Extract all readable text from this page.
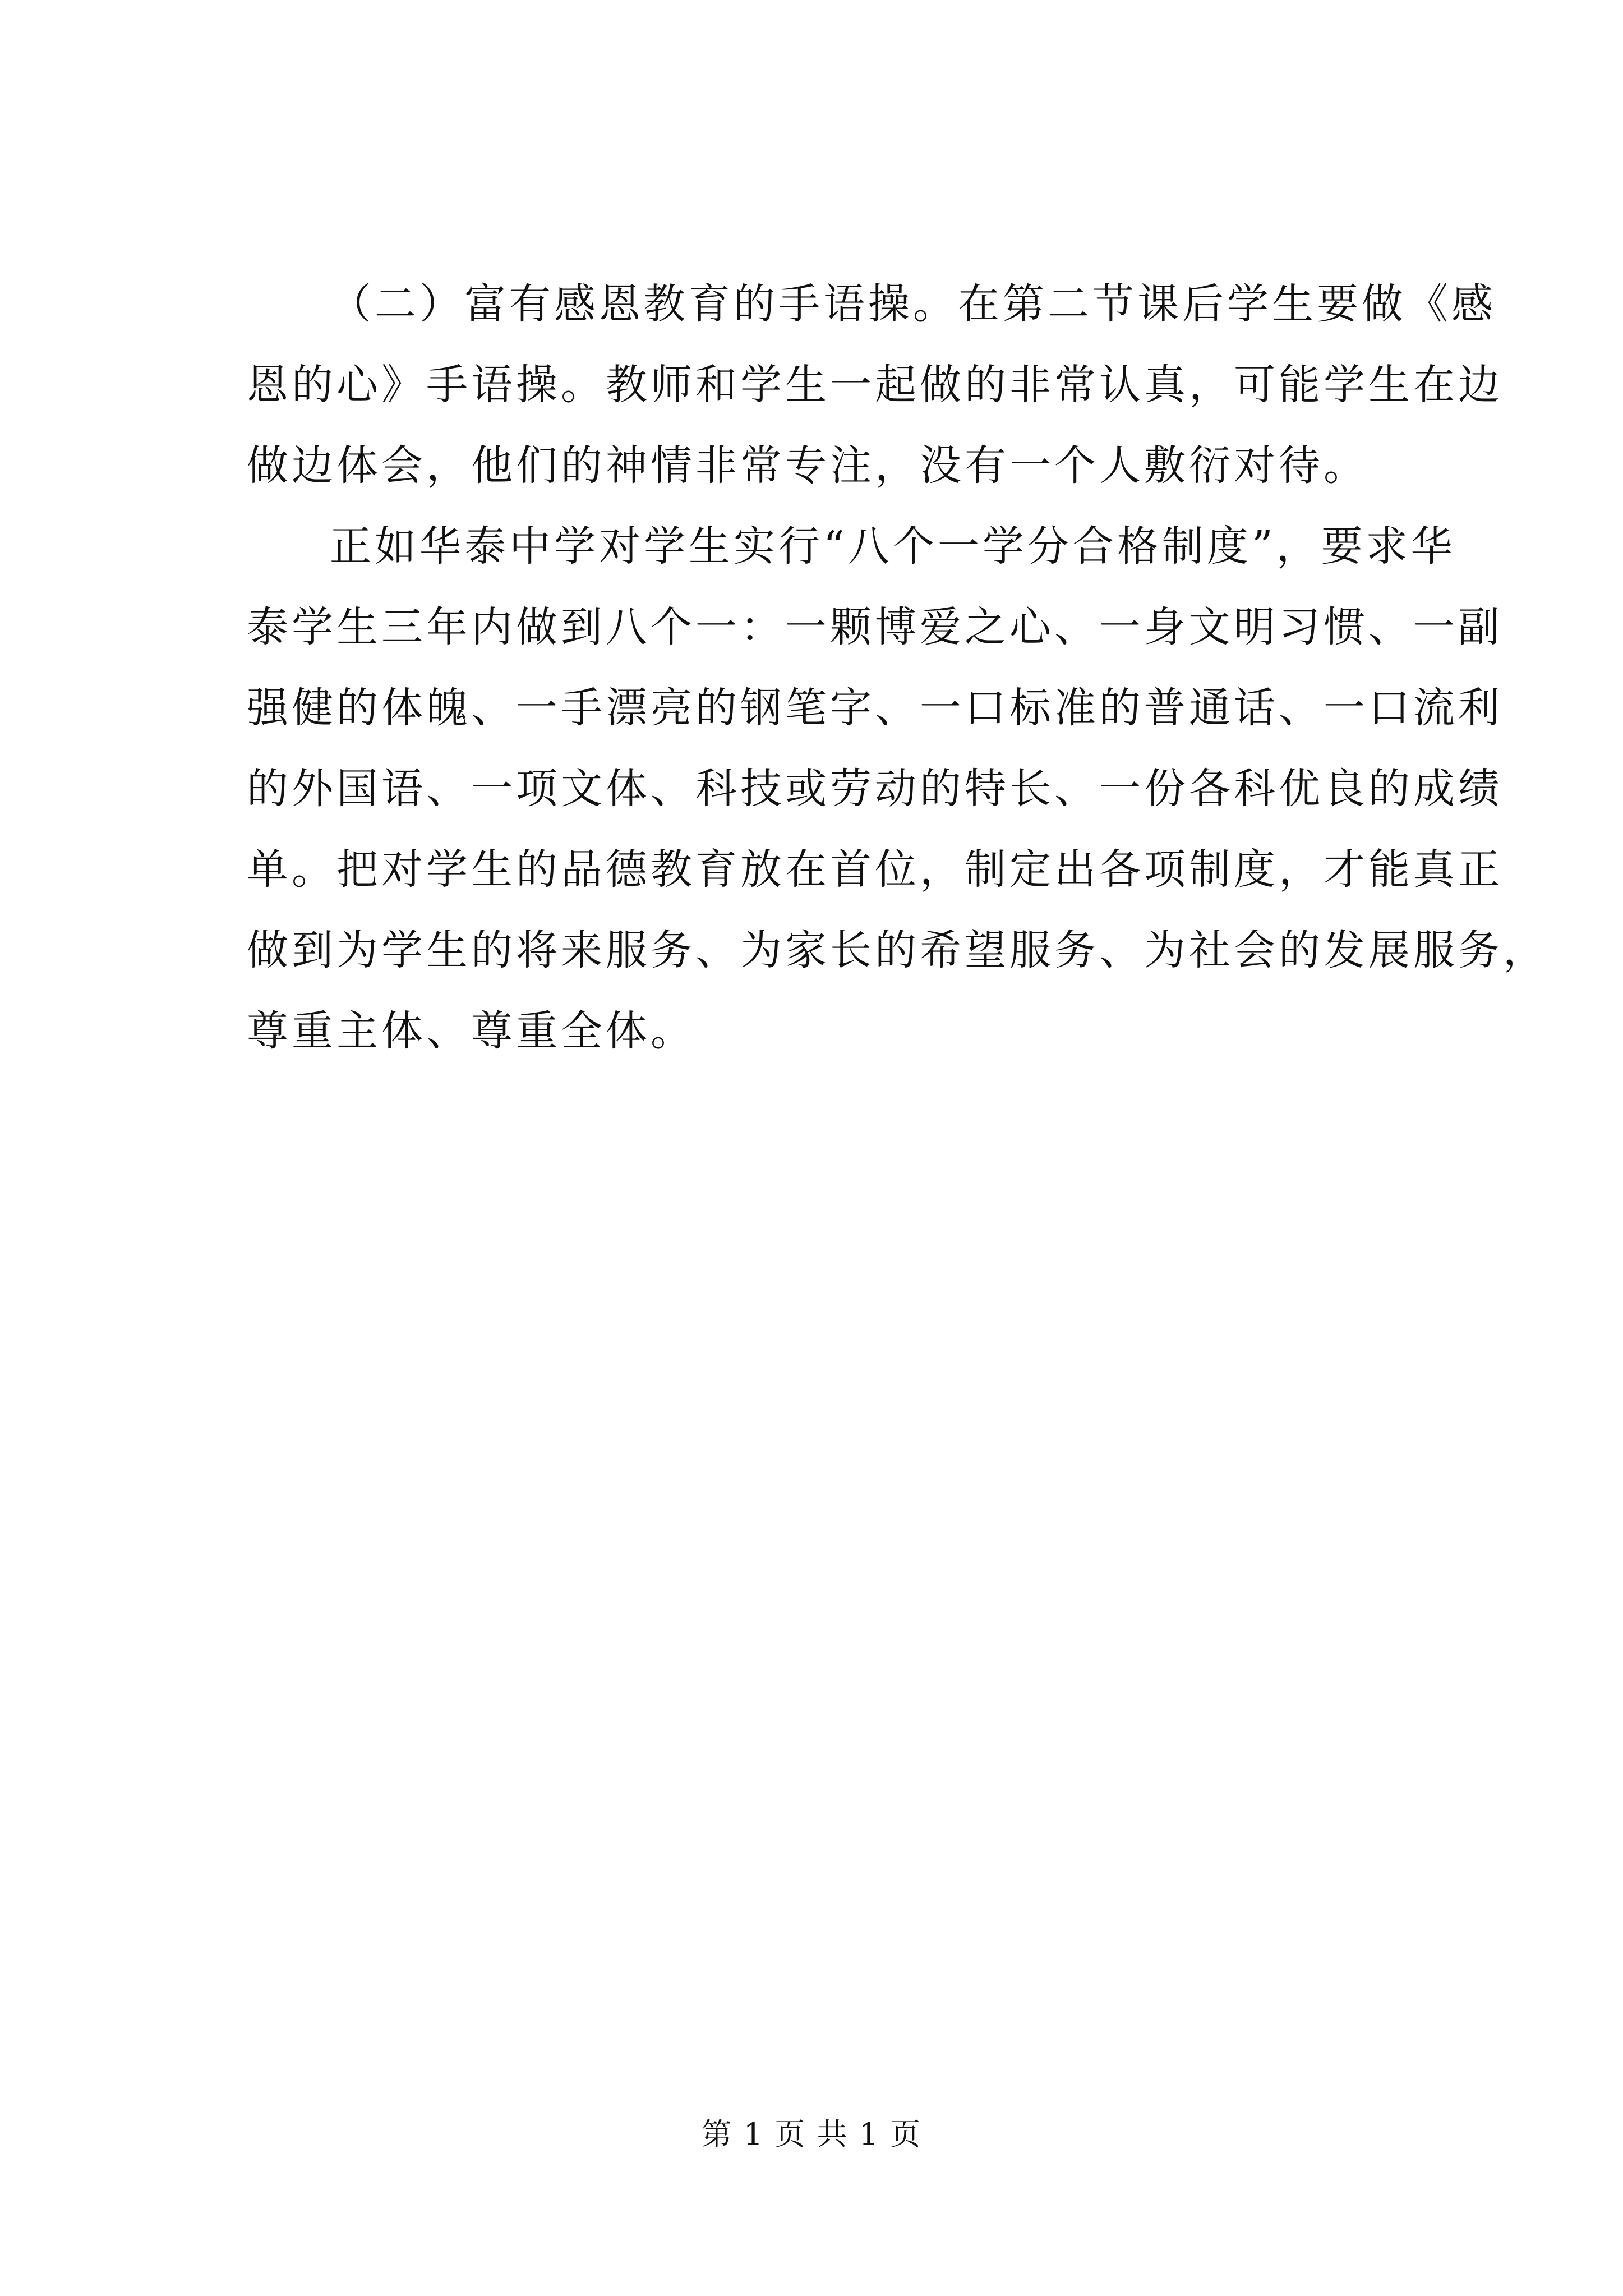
（二）富有感恩教育的手语操。在第二节课后学生要做《感
恩的心》手语操。教师和学生一起做的非常认真，可能学生在边
做边体会，他们的神情非常专注，没有一个人敷衍对待。

正如华泰中学对学生实行“八个一学分合格制度”，要求华
泰学生三年内做到八个一：一颗博爱之心、一身文明习惯、一副
强健的体魄、一手漂亮的钢笔字、一口标准的普通话、一口流利
的外国语、一项文体、科技或劳动的特长、一份各科优良的成绩
单。把对学生的品德教育放在首位，制定出各项制度，才能真正
做到为学生的将来服务、为家长的希望服务、为社会的发展服务，
尊重主体、尊重全体。

第 1 页 共 1 页
